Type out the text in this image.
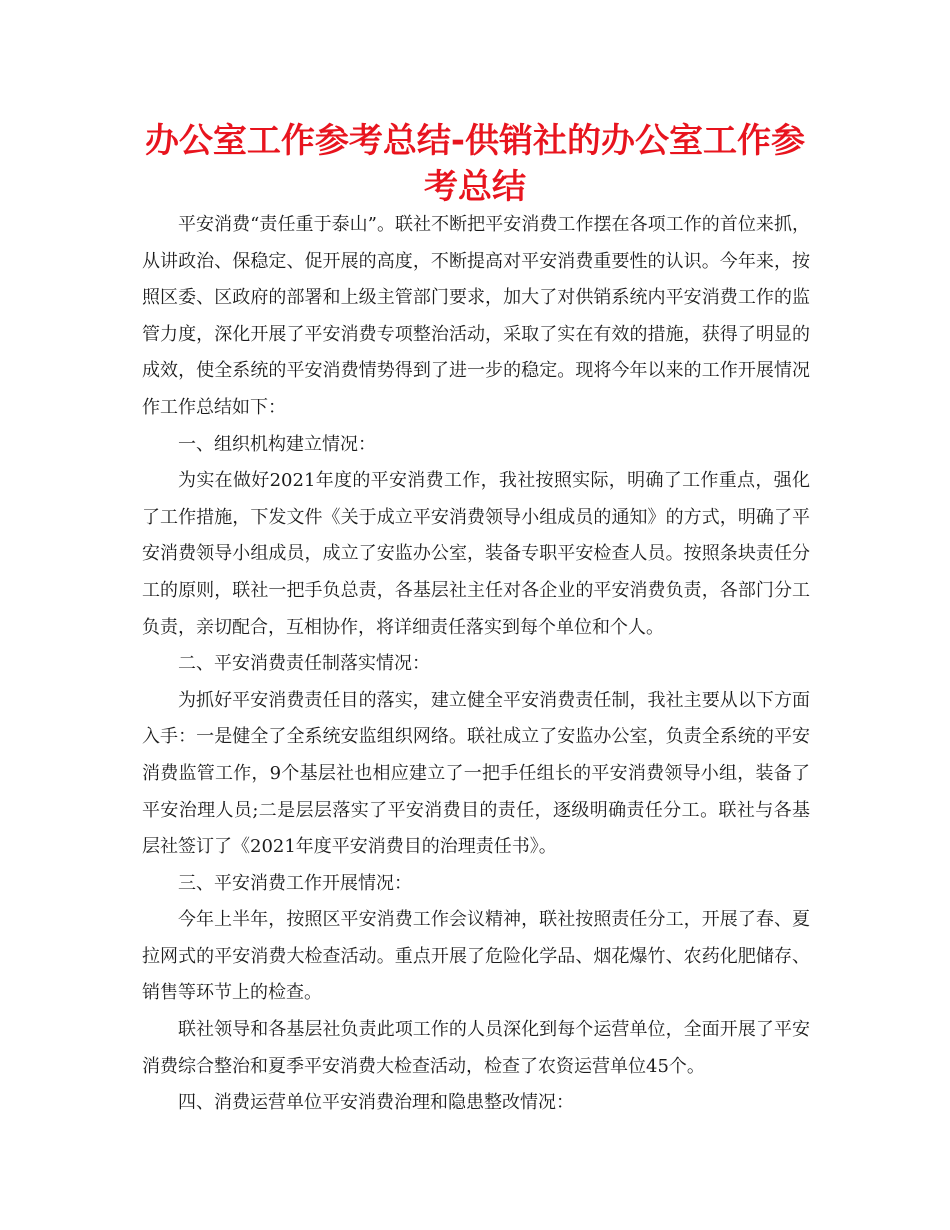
办公室工作参考总结-供销社的办公室工作参考总结

平安消费“责任重于泰山”。联社不断把平安消费工作摆在各项工作的首位来抓，从讲政治、保稳定、促开展的高度，不断提高对平安消费重要性的认识。今年来，按照区委、区政府的部署和上级主管部门要求，加大了对供销系统内平安消费工作的监管力度，深化开展了平安消费专项整治活动，采取了实在有效的措施，获得了明显的成效，使全系统的平安消费情势得到了进一步的稳定。现将今年以来的工作开展情况作工作总结如下：

一、组织机构建立情况：

为实在做好2021年度的平安消费工作，我社按照实际，明确了工作重点，强化了工作措施，下发文件《关于成立平安消费领导小组成员的通知》的方式，明确了平安消费领导小组成员，成立了安监办公室，装备专职平安检查人员。按照条块责任分工的原则，联社一把手负总责，各基层社主任对各企业的平安消费负责，各部门分工负责，亲切配合，互相协作，将详细责任落实到每个单位和个人。

二、平安消费责任制落实情况：

为抓好平安消费责任目的落实，建立健全平安消费责任制，我社主要从以下方面入手：一是健全了全系统安监组织网络。联社成立了安监办公室，负责全系统的平安消费监管工作，9个基层社也相应建立了一把手任组长的平安消费领导小组，装备了平安治理人员;二是层层落实了平安消费目的责任，逐级明确责任分工。联社与各基层社签订了《2021年度平安消费目的治理责任书》。

三、平安消费工作开展情况：

今年上半年，按照区平安消费工作会议精神，联社按照责任分工，开展了春、夏拉网式的平安消费大检查活动。重点开展了危险化学品、烟花爆竹、农药化肥储存、销售等环节上的检查。

联社领导和各基层社负责此项工作的人员深化到每个运营单位，全面开展了平安消费综合整治和夏季平安消费大检查活动，检查了农资运营单位45个。

四、消费运营单位平安消费治理和隐患整改情况：
